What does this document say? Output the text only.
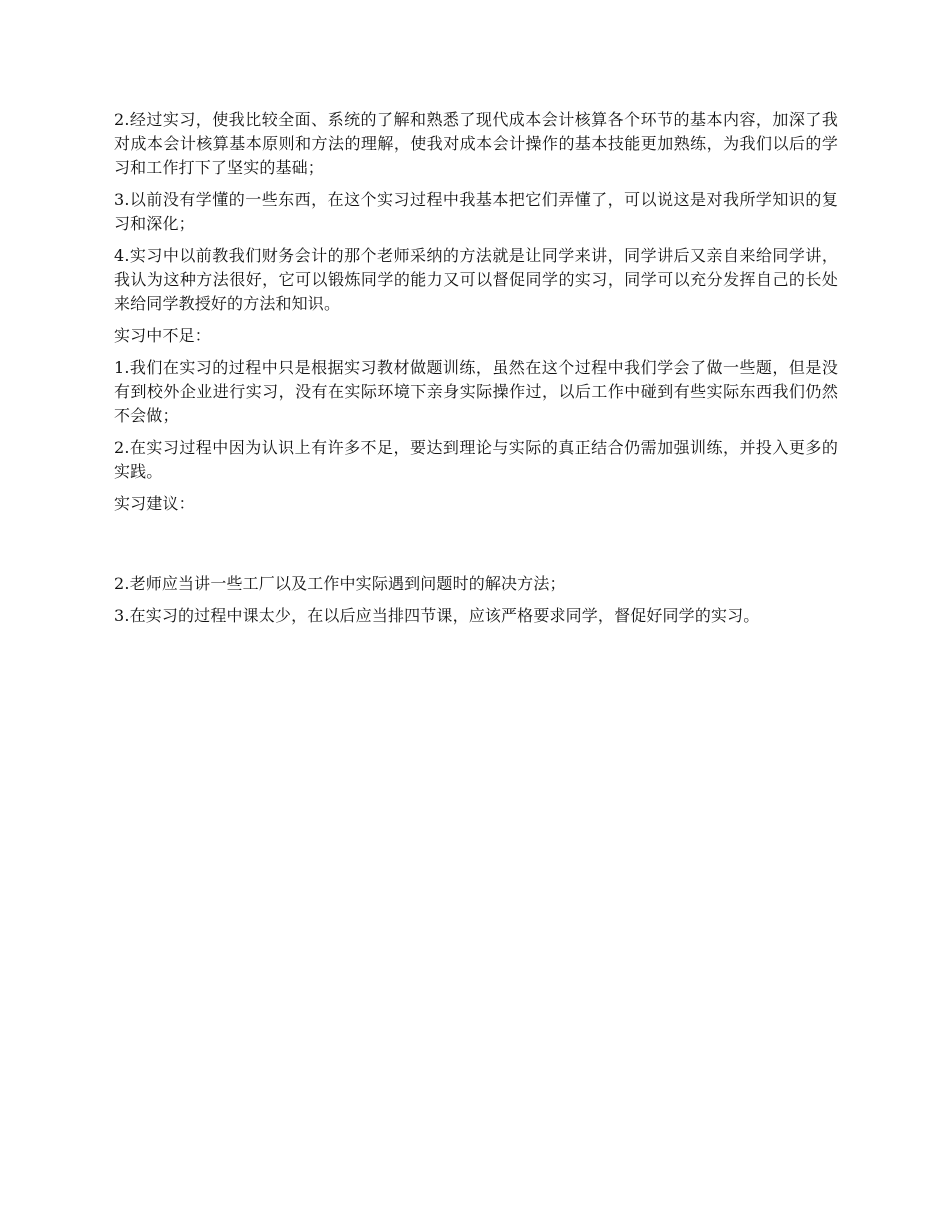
2.经过实习，使我比较全面、系统的了解和熟悉了现代成本会计核算各个环节的基本内容，加深了我对成本会计核算基本原则和方法的理解，使我对成本会计操作的基本技能更加熟练，为我们以后的学习和工作打下了坚实的基础；

3.以前没有学懂的一些东西，在这个实习过程中我基本把它们弄懂了，可以说这是对我所学知识的复习和深化；

4.实习中以前教我们财务会计的那个老师采纳的方法就是让同学来讲，同学讲后又亲自来给同学讲，我认为这种方法很好，它可以锻炼同学的能力又可以督促同学的实习，同学可以充分发挥自己的长处来给同学教授好的方法和知识。

实习中不足：

1.我们在实习的过程中只是根据实习教材做题训练，虽然在这个过程中我们学会了做一些题，但是没有到校外企业进行实习，没有在实际环境下亲身实际操作过，以后工作中碰到有些实际东西我们仍然不会做；

2.在实习过程中因为认识上有许多不足，要达到理论与实际的真正结合仍需加强训练，并投入更多的实践。

实习建议：

2.老师应当讲一些工厂以及工作中实际遇到问题时的解决方法；

3.在实习的过程中课太少，在以后应当排四节课，应该严格要求同学，督促好同学的实习。
